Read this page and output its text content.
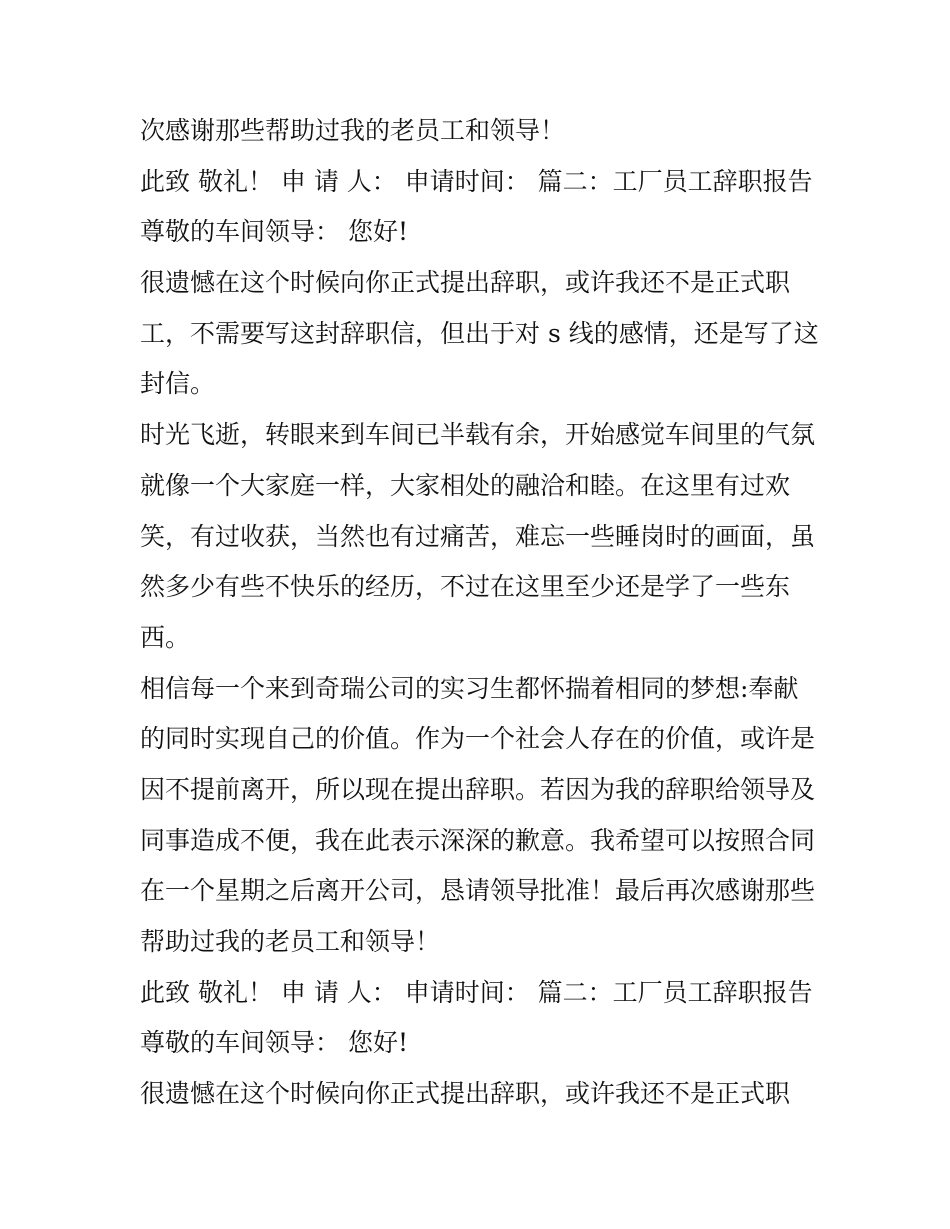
次感谢那些帮助过我的老员工和领导！
此致 敬礼！ 申 请 人： 申请时间： 篇二：工厂员工辞职报告
尊敬的车间领导： 您好!
很遗憾在这个时候向你正式提出辞职，或许我还不是正式职
工，不需要写这封辞职信，但出于对 s 线的感情，还是写了这
封信。
时光飞逝，转眼来到车间已半载有余，开始感觉车间里的气氛
就像一个大家庭一样，大家相处的融洽和睦。在这里有过欢
笑，有过收获，当然也有过痛苦，难忘一些睡岗时的画面，虽
然多少有些不快乐的经历，不过在这里至少还是学了一些东
西。
相信每一个来到奇瑞公司的实习生都怀揣着相同的梦想:奉献
的同时实现自己的价值。作为一个社会人存在的价值，或许是
因不提前离开，所以现在提出辞职。若因为我的辞职给领导及
同事造成不便，我在此表示深深的歉意。我希望可以按照合同
在一个星期之后离开公司，恳请领导批准！最后再次感谢那些
帮助过我的老员工和领导！
此致 敬礼！ 申 请 人： 申请时间： 篇二：工厂员工辞职报告
尊敬的车间领导： 您好!
很遗憾在这个时候向你正式提出辞职，或许我还不是正式职
